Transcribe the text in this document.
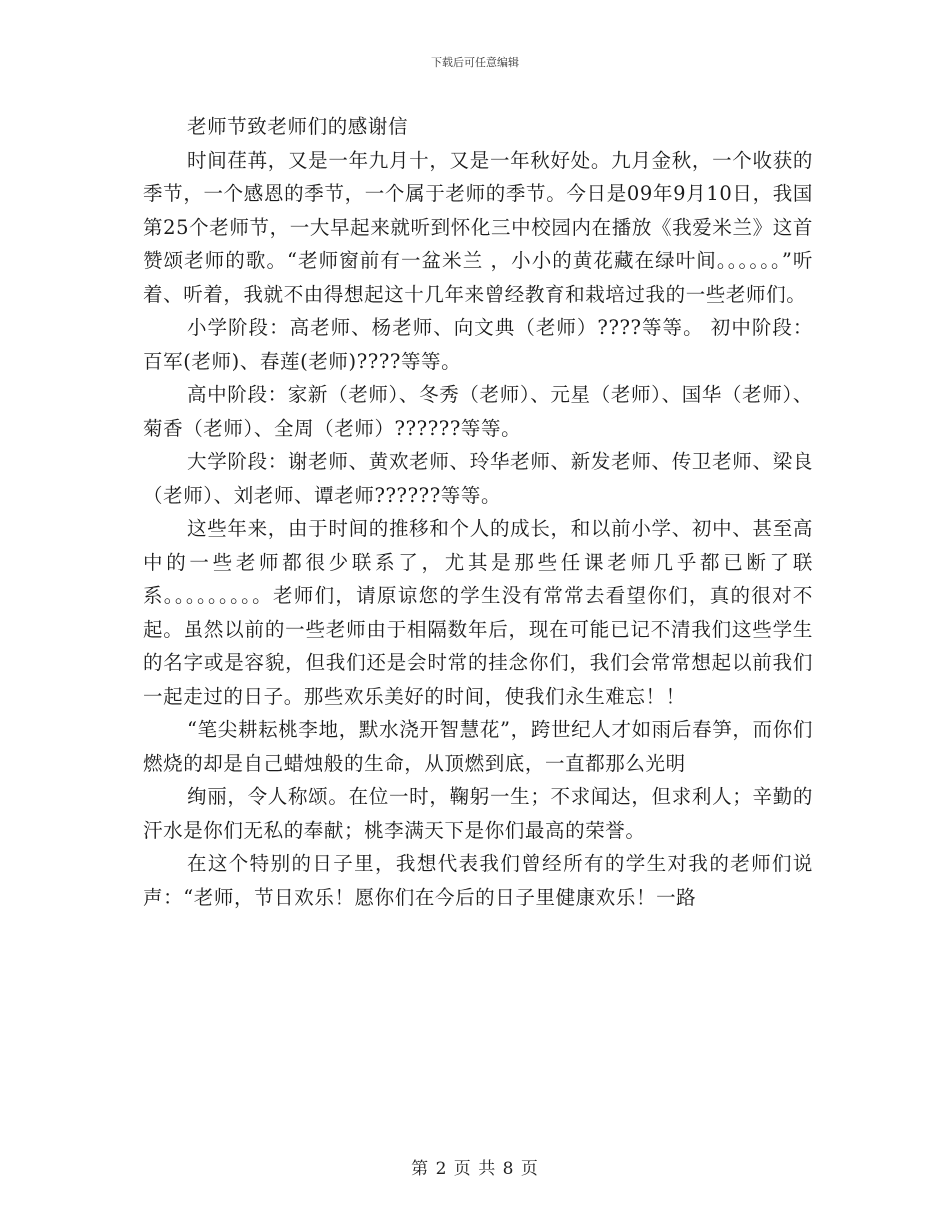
下载后可任意编辑

老师节致老师们的感谢信

时间荏苒，又是一年九月十，又是一年秋好处。九月金秋，一个收获的季节，一个感恩的季节，一个属于老师的季节。今日是09年9月10日，我国第25个老师节，一大早起来就听到怀化三中校园内在播放《我爱米兰》这首赞颂老师的歌。“老师窗前有一盆米兰 ，小小的黄花藏在绿叶间。。。。。。”听着、听着，我就不由得想起这十几年来曾经教育和栽培过我的一些老师们。

小学阶段：高老师、杨老师、向文典（老师）????等等。 初中阶段：百军(老师)、春莲(老师)????等等。

高中阶段：家新（老师）、冬秀（老师）、元星（老师）、国华（老师）、菊香（老师）、全周（老师）??????等等。

大学阶段：谢老师、黄欢老师、玲华老师、新发老师、传卫老师、梁良（老师）、刘老师、谭老师??????等等。

这些年来，由于时间的推移和个人的成长，和以前小学、初中、甚至高中的一些老师都很少联系了，尤其是那些任课老师几乎都已断了联系。。。。。。。。。老师们，请原谅您的学生没有常常去看望你们，真的很对不起。虽然以前的一些老师由于相隔数年后，现在可能已记不清我们这些学生的名字或是容貌，但我们还是会时常的挂念你们，我们会常常想起以前我们一起走过的日子。那些欢乐美好的时间，使我们永生难忘！！

“笔尖耕耘桃李地，默水浇开智慧花”，跨世纪人才如雨后春笋，而你们燃烧的却是自己蜡烛般的生命，从顶燃到底，一直都那么光明

绚丽，令人称颂。在位一时，鞠躬一生；不求闻达，但求利人；辛勤的汗水是你们无私的奉献；桃李满天下是你们最高的荣誉。

在这个特别的日子里，我想代表我们曾经所有的学生对我的老师们说声：“老师，节日欢乐！愿你们在今后的日子里健康欢乐！一路

第 2 页 共 8 页
